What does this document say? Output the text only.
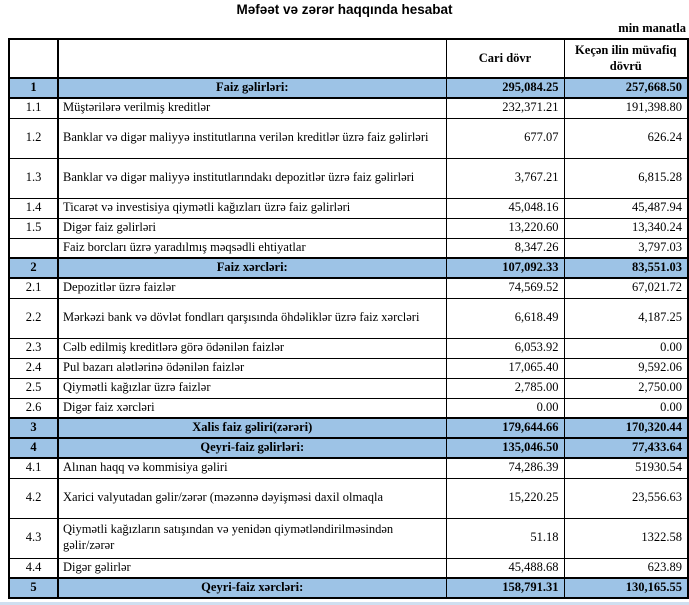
Məfəət və zərər haqqında hesabat
min manatla
		Cari dövr	Keçən ilin müvafiq dövrü
1	Faiz gəlirləri:	295,084.25	257,668.50
1.1	Müştərilərə verilmiş kreditlər	232,371.21	191,398.80
1.2	Banklar və digər maliyyə institutlarına verilən kreditlər üzrə faiz gəlirləri	677.07	626.24
1.3	Banklar və digər maliyyə institutlarındakı depozitlər üzrə faiz gəlirləri	3,767.21	6,815.28
1.4	Ticarət və investisiya qiymətli kağızları üzrə faiz gəlirləri	45,048.16	45,487.94
1.5	Digər faiz gəlirləri	13,220.60	13,340.24
	Faiz borcları üzrə yaradılmış məqsədli ehtiyatlar	8,347.26	3,797.03
2	Faiz xərcləri:	107,092.33	83,551.03
2.1	Depozitlər üzrə faizlər	74,569.52	67,021.72
2.2	Mərkəzi bank və dövlət fondları qarşısında öhdəliklər üzrə faiz xərcləri	6,618.49	4,187.25
2.3	Cəlb edilmiş kreditlərə görə ödənilən faizlər	6,053.92	0.00
2.4	Pul bazarı alətlərinə ödənilən faizlər	17,065.40	9,592.06
2.5	Qiymətli kağızlar üzrə faizlər	2,785.00	2,750.00
2.6	Digər faiz xərcləri	0.00	0.00
3	Xalis faiz gəliri(zərəri)	179,644.66	170,320.44
4	Qeyri-faiz gəlirləri:	135,046.50	77,433.64
4.1	Alınan haqq və kommisiya gəliri	74,286.39	51930.54
4.2	Xarici valyutadan gəlir/zərər (məzənnə dəyişməsi daxil olmaqla	15,220.25	23,556.63
4.3	Qiymətli kağızların satışından və yenidən qiymətləndirilməsindən gəlir/zərər	51.18	1322.58
4.4	Digər gəlirlər	45,488.68	623.89
5	Qeyri-faiz xərcləri:	158,791.31	130,165.55
